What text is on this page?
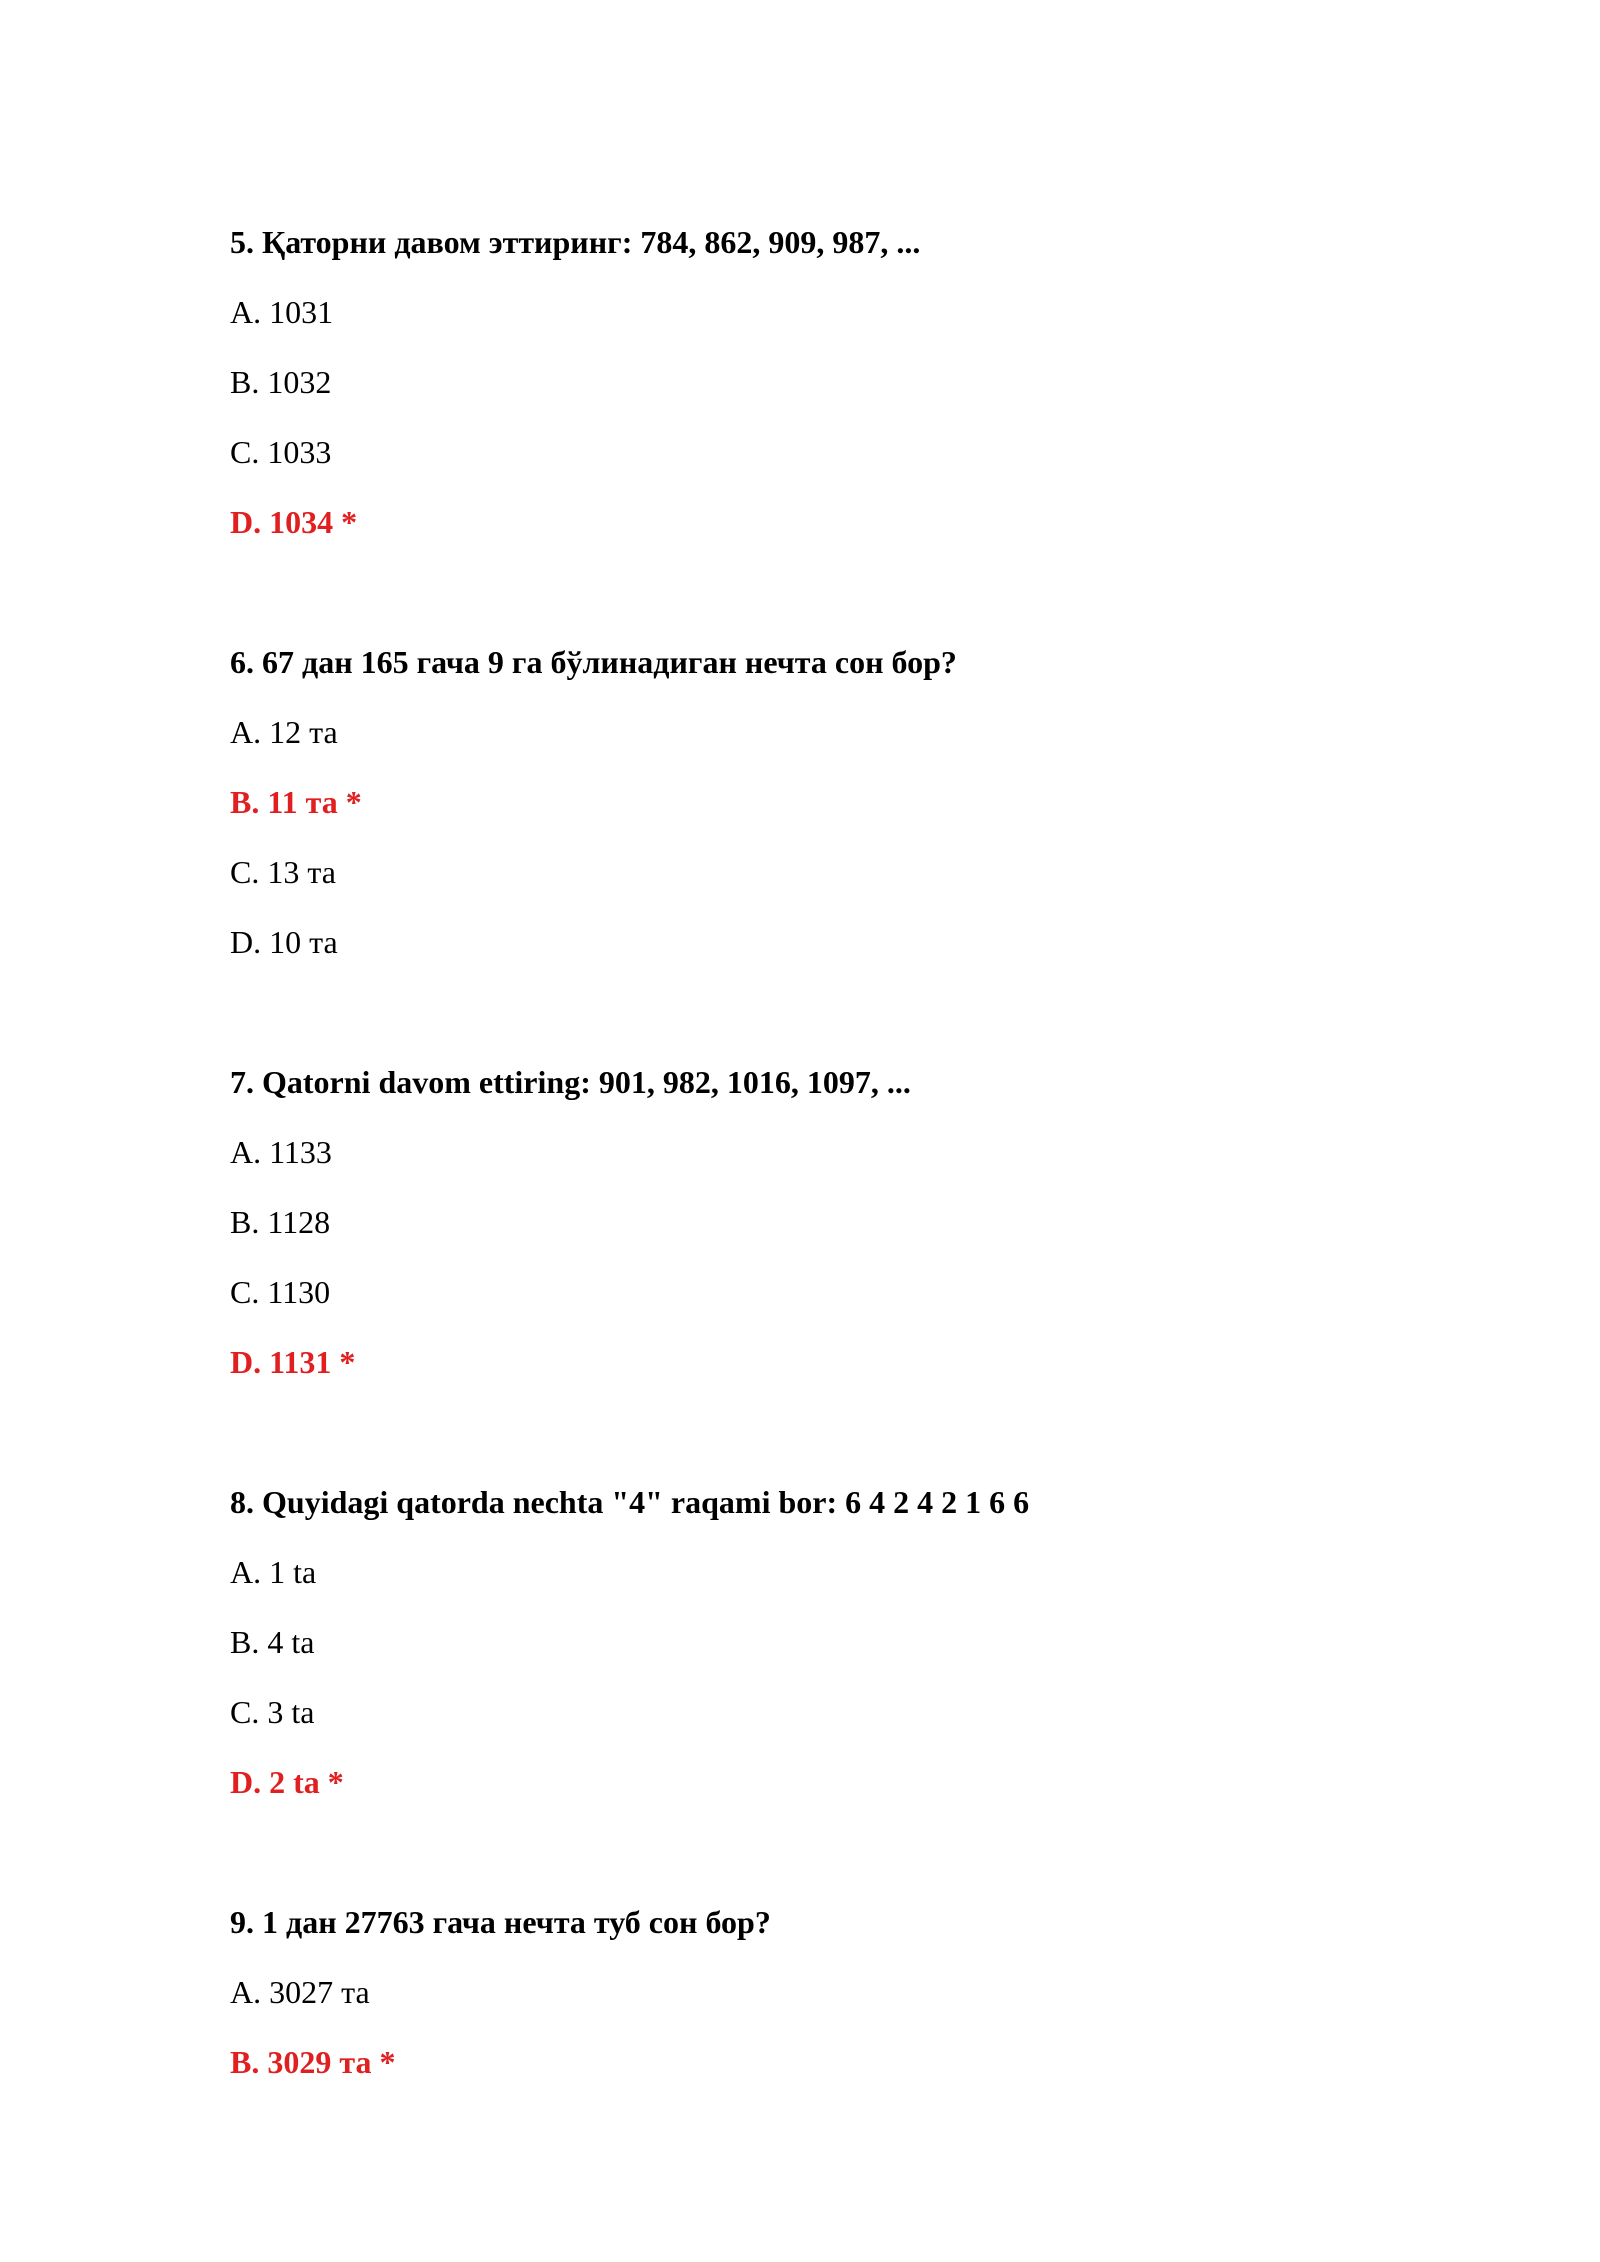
5. Қаторни давом эттиринг: 784, 862, 909, 987, ...
A. 1031
B. 1032
C. 1033
D. 1034 *
6. 67 дан 165 гача 9 га бўлинадиган нечта сон бор?
A. 12 та
B. 11 та *
C. 13 та
D. 10 та
7. Qatorni davom ettiring: 901, 982, 1016, 1097, ...
A. 1133
B. 1128
C. 1130
D. 1131 *
8. Quyidagi qatorda nechta "4" raqami bor: 6 4 2 4 2 1 6 6
A. 1 ta
B. 4 ta
C. 3 ta
D. 2 ta *
9. 1 дан 27763 гача нечта туб сон бор?
A. 3027 та
B. 3029 та *
